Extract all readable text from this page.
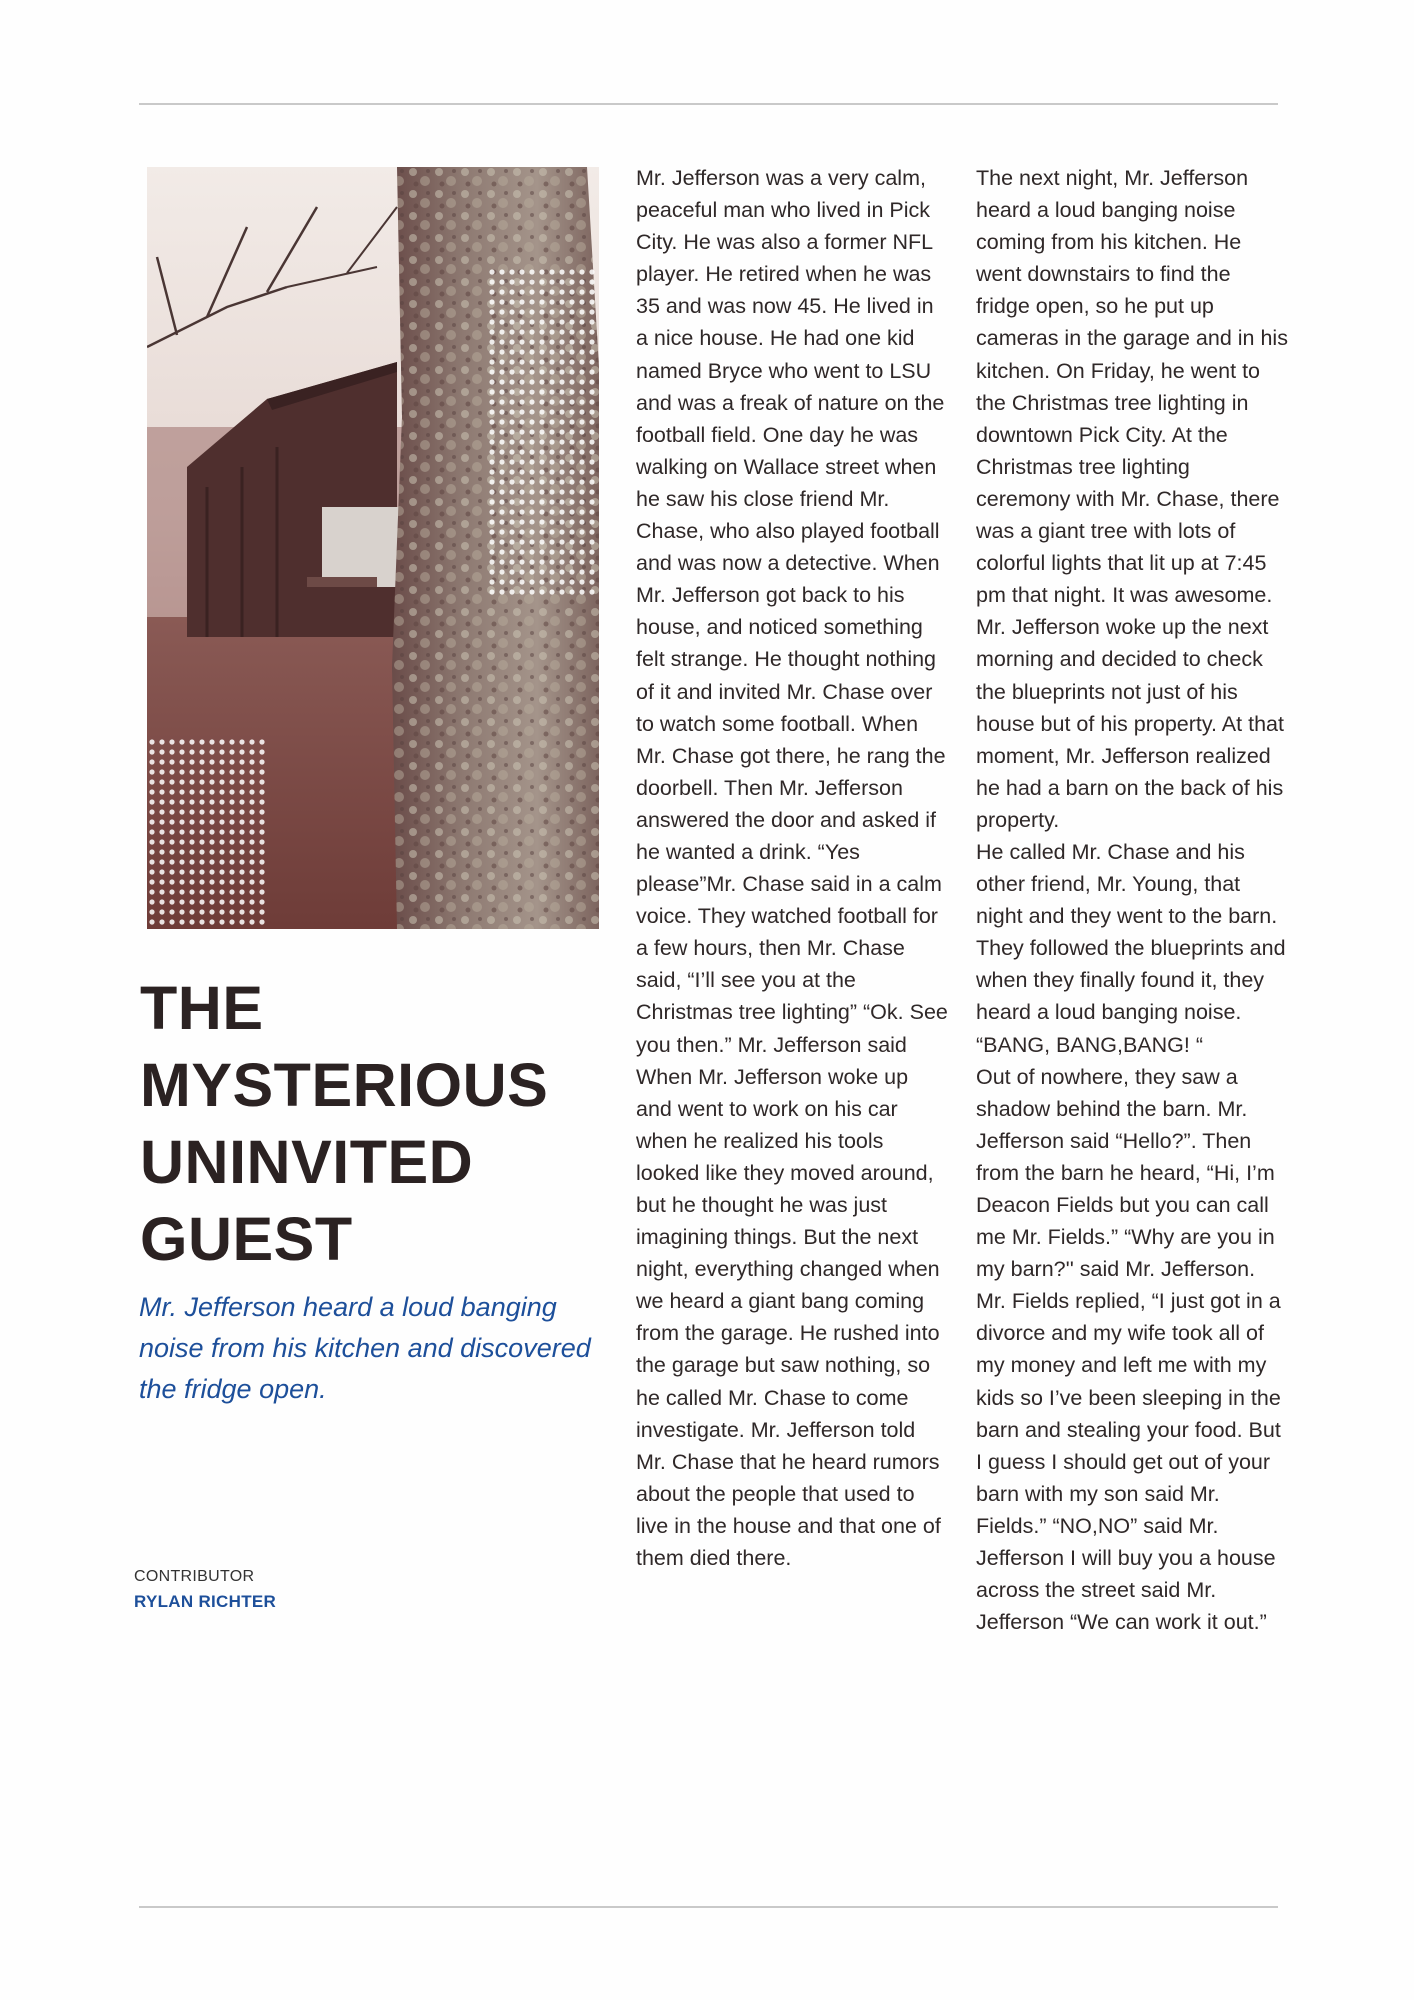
THE
MYSTERIOUS
UNINVITED
GUEST

Mr. Jefferson heard a loud banging noise from his kitchen and discovered the fridge open.

CONTRIBUTOR
RYLAN RICHTER

Mr. Jefferson was a very calm, peaceful man who lived in Pick City. He was also a former NFL player. He retired when he was 35 and was now 45. He lived in a nice house. He had one kid named Bryce who went to LSU and was a freak of nature on the football field. One day he was walking on Wallace street when he saw his close friend Mr. Chase, who also played football and was now a detective. When Mr. Jefferson got back to his house, and noticed something felt strange. He thought nothing of it and invited Mr. Chase over to watch some football. When Mr. Chase got there, he rang the doorbell. Then Mr. Jefferson answered the door and asked if he wanted a drink. “Yes please”Mr. Chase said in a calm voice. They watched football for a few hours, then Mr. Chase said, “I’ll see you at the Christmas tree lighting” “Ok. See you then.” Mr. Jefferson said

When Mr. Jefferson woke up and went to work on his car when he realized his tools looked like they moved around, but he thought he was just imagining things. But the next night, everything changed when we heard a giant bang coming from the garage. He rushed into the garage but saw nothing, so he called Mr. Chase to come investigate. Mr. Jefferson told Mr. Chase that he heard rumors about the people that used to live in the house and that one of them died there.

The next night, Mr. Jefferson heard a loud banging noise coming from his kitchen. He went downstairs to find the fridge open, so he put up cameras in the garage and in his kitchen. On Friday, he went to the Christmas tree lighting in downtown Pick City. At the Christmas tree lighting ceremony with Mr. Chase, there was a giant tree with lots of colorful lights that lit up at 7:45 pm that night. It was awesome. Mr. Jefferson woke up the next morning and decided to check the blueprints not just of his house but of his property. At that moment, Mr. Jefferson realized he had a barn on the back of his property.

He called Mr. Chase and his other friend, Mr. Young, that night and they went to the barn. They followed the blueprints and when they finally found it, they heard a loud banging noise. “BANG, BANG,BANG! “

Out of nowhere, they saw a shadow behind the barn. Mr. Jefferson said “Hello?”. Then from the barn he heard, “Hi, I’m Deacon Fields but you can call me Mr. Fields.” “Why are you in my barn?'' said Mr. Jefferson. Mr. Fields replied, “I just got in a divorce and my wife took all of my money and left me with my kids so I’ve been sleeping in the barn and stealing your food. But I guess I should get out of your barn with my son said Mr. Fields.” “NO,NO” said Mr. Jefferson I will buy you a house across the street said Mr. Jefferson “We can work it out.”
